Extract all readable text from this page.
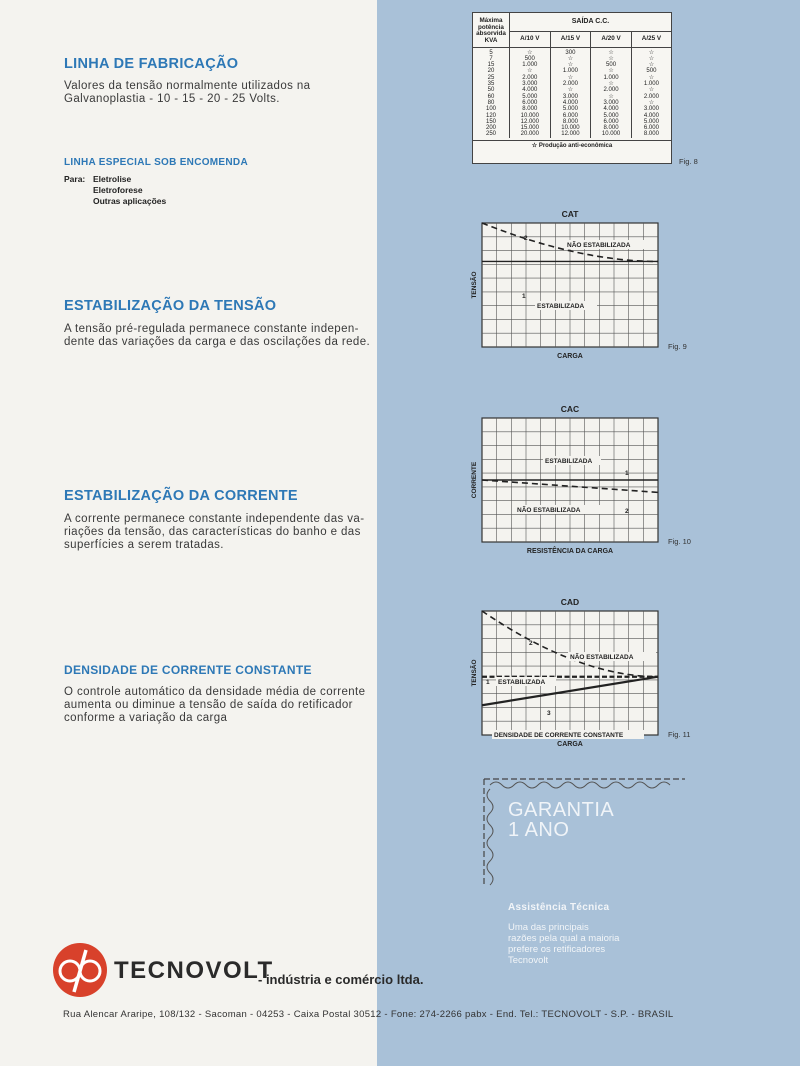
LINHA DE FABRICAÇÃO
Valores da tensão normalmente utilizados na
Galvanoplastia - 10 - 15 - 20 - 25 Volts.
LINHA ESPECIAL SOB ENCOMENDA
Para: Eletrolise
Eletroforese
Outras aplicações
ESTABILIZAÇÃO DA TENSÃO
A tensão pré-regulada permanece constante indepen-
dente das variações da carga e das oscilações da rede.
ESTABILIZAÇÃO DA CORRENTE
A corrente permanece constante independente das va-
riações da tensão, das características do banho e das
superfícies a serem tratadas.
DENSIDADE DE CORRENTE CONSTANTE
O controle automático da densidade média de corrente
aumenta ou diminue a tensão de saída do retificador
conforme a variação da carga
Máxima
potência
absorvida
KVA	SAÍDA C.C.			
	A/10 V	A/15 V	A/20 V	A/25 V
5	☆	300	☆	☆
7	500	☆	☆	☆
15	1.000	☆	500	☆
20	☆	1.000	☆	500
25	2.000	☆	1.000	☆
35	3.000	2.000	☆	1.000
50	4.000	☆	2.000	☆
60	5.000	3.000	☆	2.000
80	6.000	4.000	3.000	☆
100	8.000	5.000	4.000	3.000
120	10.000	6.000	5.000	4.000
150	12.000	8.000	6.000	5.000
200	15.000	10.000	8.000	6.000
250	20.000	12.000	10.000	8.000
☆ Produção anti-econômica
Fig. 8
CAT
CARGA
TENSÃO
Fig. 9
NÃO ESTABILIZADA
2
ESTABILIZADA
1
CAC
RESISTÊNCIA DA CARGA
CORRENTE
Fig. 10
ESTABILIZADA
1
NÃO ESTABILIZADA	2
CAD
CARGA
TENSÃO
Fig. 11
NÃO ESTABILIZADA
2
ESTABILIZADA
1
DENSIDADE DE CORRENTE CONSTANTE
3
GARANTIA
1 ANO
Assistência Técnica
Uma das principais
razões pela qual a maioria
prefere os retificadores
Tecnovolt
TECNOVOLT
- indústria e comércio ltda.
Rua Alencar Araripe, 108/132 - Sacoman - 04253 - Caixa Postal 30512 - Fone: 274-2266 pabx - End. Tel.: TECNOVOLT - S.P. - BRASIL
